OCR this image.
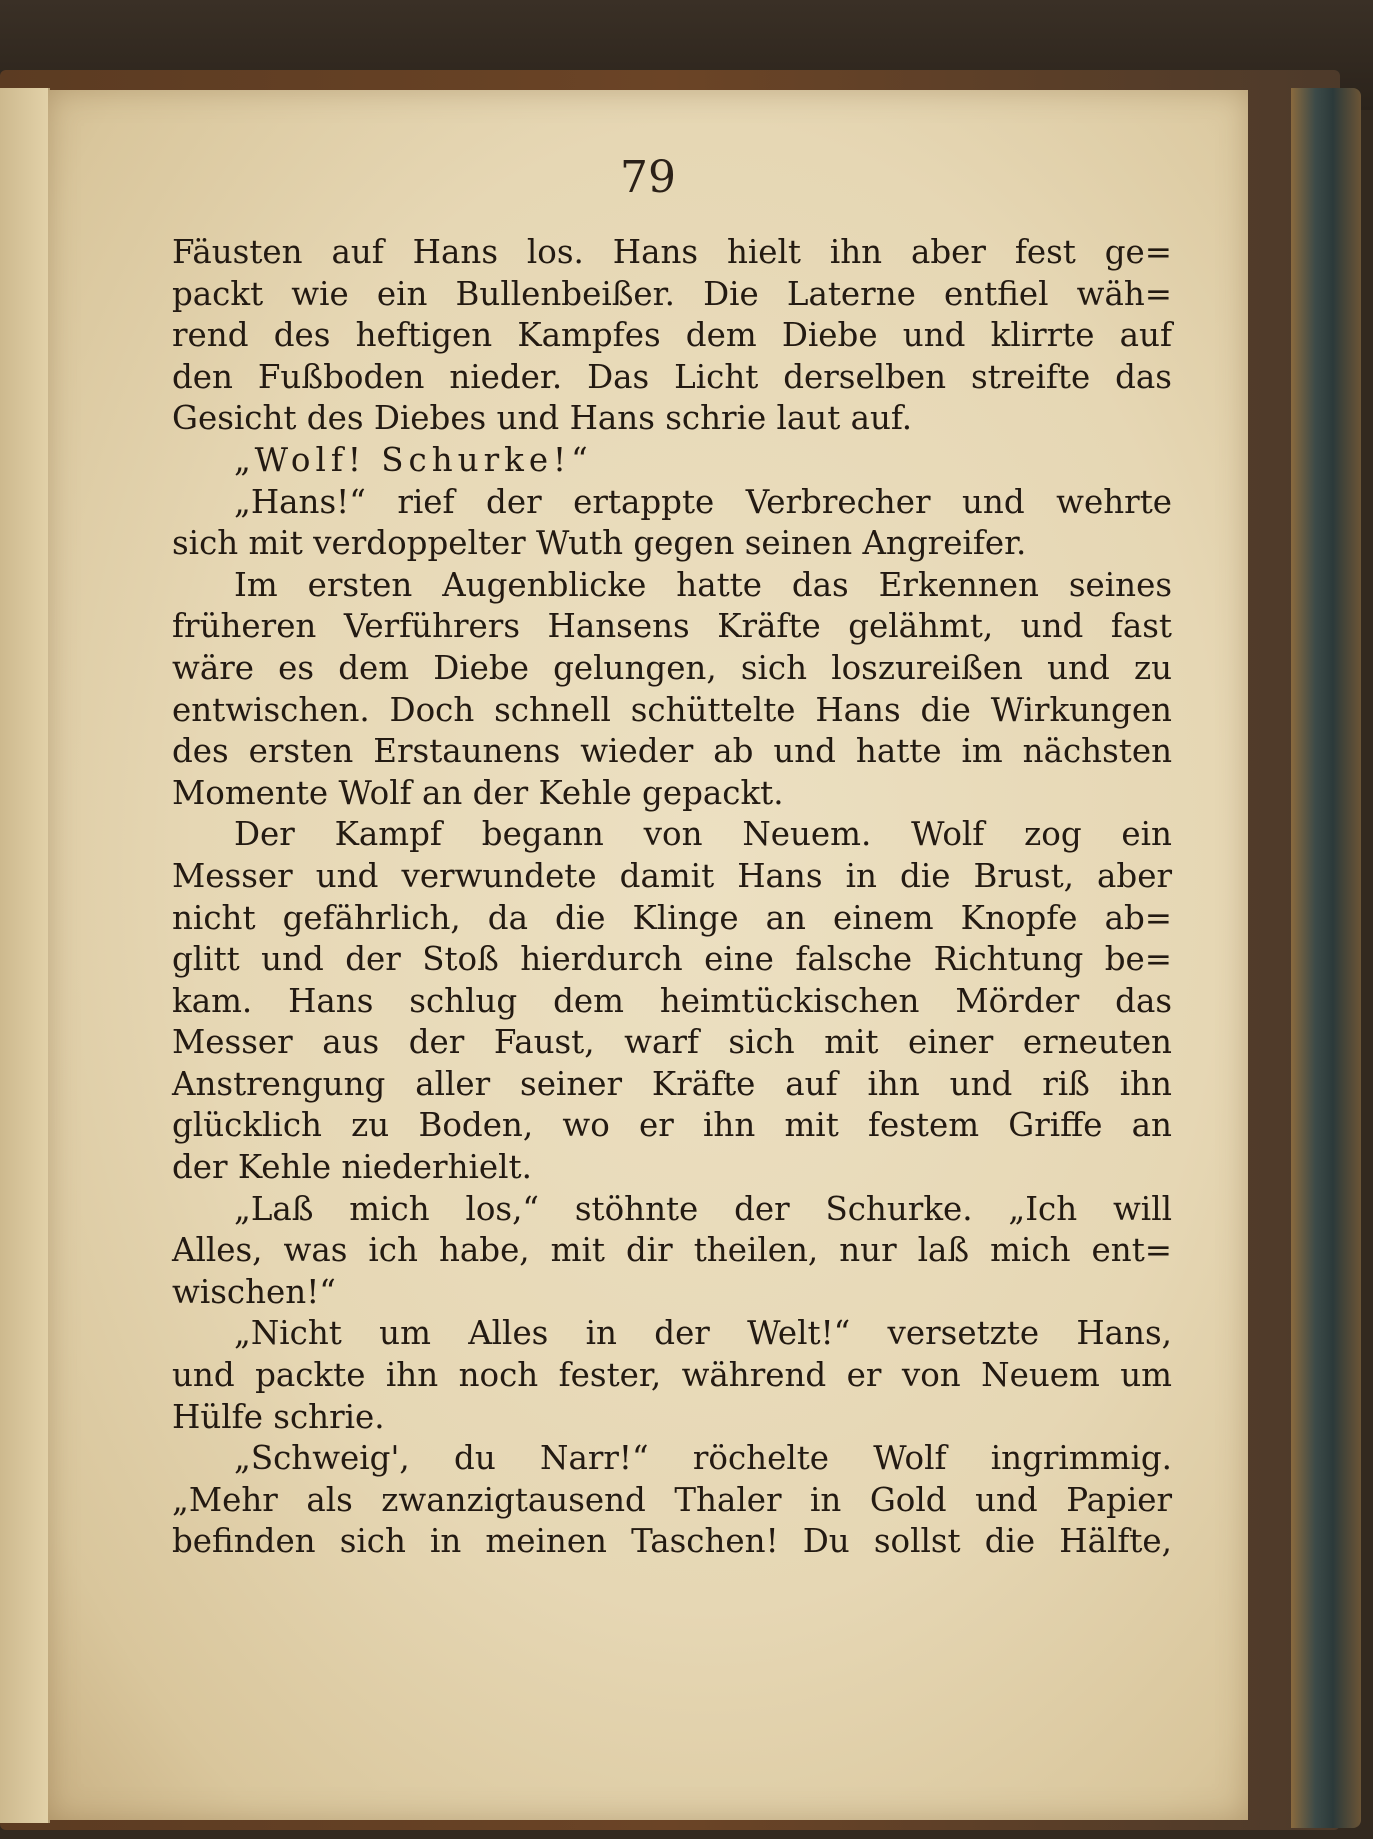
79
Fäusten auf Hans los. Hans hielt ihn aber fest ge=
packt wie ein Bullenbeißer. Die Laterne entfiel wäh=
rend des heftigen Kampfes dem Diebe und klirrte auf
den Fußboden nieder. Das Licht derselben streifte das
Gesicht des Diebes und Hans schrie laut auf.
„Wolf! Schurke!“
„Hans!“ rief der ertappte Verbrecher und wehrte
sich mit verdoppelter Wuth gegen seinen Angreifer.
Im ersten Augenblicke hatte das Erkennen seines
früheren Verführers Hansens Kräfte gelähmt, und fast
wäre es dem Diebe gelungen, sich loszureißen und zu
entwischen. Doch schnell schüttelte Hans die Wirkungen
des ersten Erstaunens wieder ab und hatte im nächsten
Momente Wolf an der Kehle gepackt.
Der Kampf begann von Neuem. Wolf zog ein
Messer und verwundete damit Hans in die Brust, aber
nicht gefährlich, da die Klinge an einem Knopfe ab=
glitt und der Stoß hierdurch eine falsche Richtung be=
kam. Hans schlug dem heimtückischen Mörder das
Messer aus der Faust, warf sich mit einer erneuten
Anstrengung aller seiner Kräfte auf ihn und riß ihn
glücklich zu Boden, wo er ihn mit festem Griffe an
der Kehle niederhielt.
„Laß mich los,“ stöhnte der Schurke. „Ich will
Alles, was ich habe, mit dir theilen, nur laß mich ent=
wischen!“
„Nicht um Alles in der Welt!“ versetzte Hans,
und packte ihn noch fester, während er von Neuem um
Hülfe schrie.
„Schweig', du Narr!“ röchelte Wolf ingrimmig.
„Mehr als zwanzigtausend Thaler in Gold und Papier
befinden sich in meinen Taschen! Du sollst die Hälfte,
